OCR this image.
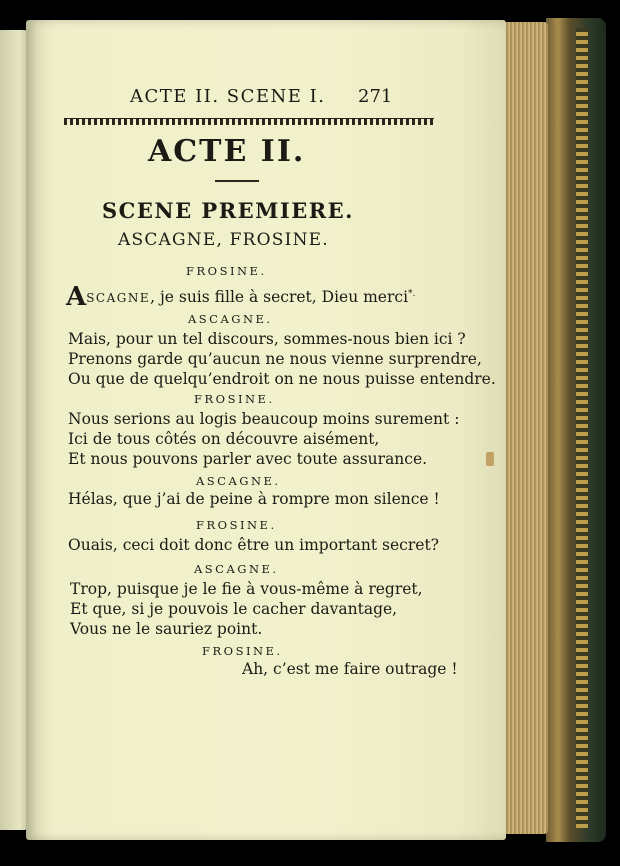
ACTE II. SCENE I. 271
ACTE II.
SCENE PREMIERE.
ASCAGNE, FROSINE.
FROSINE.
ASCAGNE, je suis fille à secret, Dieu merci*.
ASCAGNE.
Mais, pour un tel discours, sommes-nous bien ici ?
Prenons garde qu’aucun ne nous vienne surprendre,
Ou que de quelqu’endroit on ne nous puisse entendre.
FROSINE.
Nous serions au logis beaucoup moins surement :
Ici de tous côtés on découvre aisément,
Et nous pouvons parler avec toute assurance.
ASCAGNE.
Hélas, que j’ai de peine à rompre mon silence !
FROSINE.
Ouais, ceci doit donc être un important secret?
ASCAGNE.
Trop, puisque je le fie à vous-même à regret,
Et que, si je pouvois le cacher davantage,
Vous ne le sauriez point.
FROSINE.
Ah, c’est me faire outrage !
